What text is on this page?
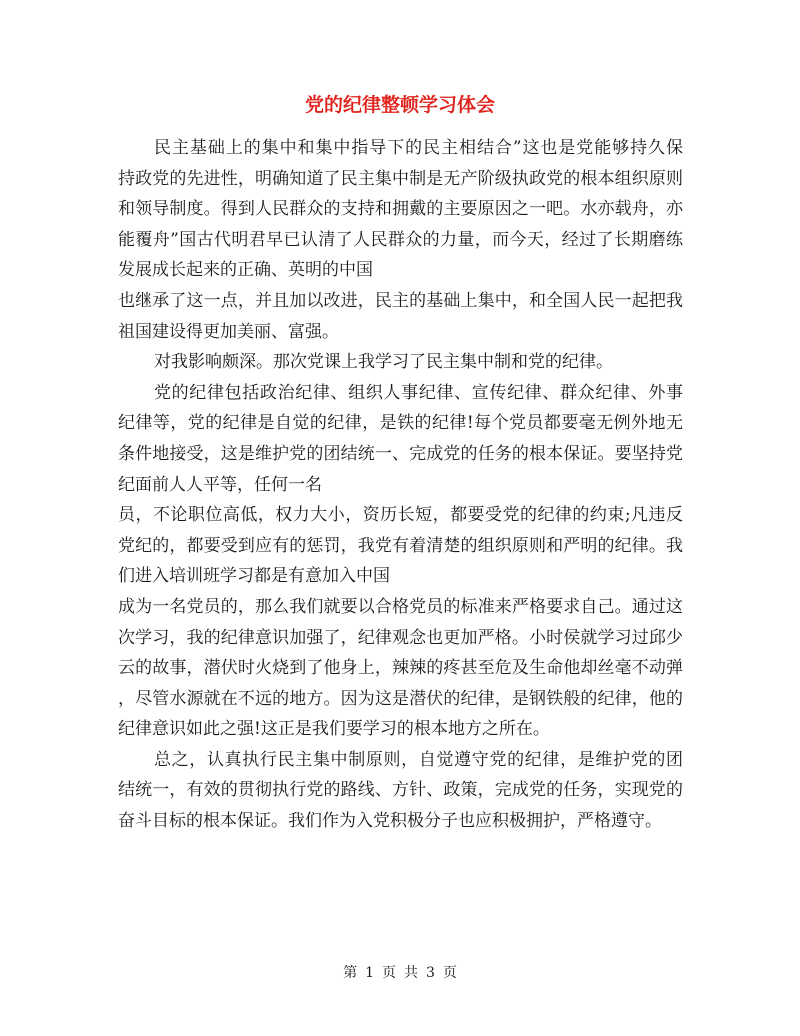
党的纪律整顿学习体会

民主基础上的集中和集中指导下的民主相结合”这也是党能够持久保

持政党的先进性，明确知道了民主集中制是无产阶级执政党的根本组织原则

和领导制度。得到人民群众的支持和拥戴的主要原因之一吧。水亦载舟，亦

能覆舟”国古代明君早已认清了人民群众的力量，而今天，经过了长期磨练

发展成长起来的正确、英明的中国

也继承了这一点，并且加以改进，民主的基础上集中，和全国人民一起把我

祖国建设得更加美丽、富强。

对我影响颇深。那次党课上我学习了民主集中制和党的纪律。

党的纪律包括政治纪律、组织人事纪律、宣传纪律、群众纪律、外事

纪律等，党的纪律是自觉的纪律，是铁的纪律!每个党员都要毫无例外地无

条件地接受，这是维护党的团结统一、完成党的任务的根本保证。要坚持党

纪面前人人平等，任何一名

员，不论职位高低，权力大小，资历长短，都要受党的纪律的约束;凡违反

党纪的，都要受到应有的惩罚，我党有着清楚的组织原则和严明的纪律。我

们进入培训班学习都是有意加入中国

成为一名党员的，那么我们就要以合格党员的标准来严格要求自己。通过这

次学习，我的纪律意识加强了，纪律观念也更加严格。小时侯就学习过邱少

云的故事，潜伏时火烧到了他身上，辣辣的疼甚至危及生命他却丝毫不动弹

，尽管水源就在不远的地方。因为这是潜伏的纪律，是钢铁般的纪律，他的

纪律意识如此之强!这正是我们要学习的根本地方之所在。

总之，认真执行民主集中制原则，自觉遵守党的纪律，是维护党的团

结统一，有效的贯彻执行党的路线、方针、政策，完成党的任务，实现党的

奋斗目标的根本保证。我们作为入党积极分子也应积极拥护，严格遵守。

第 1 页 共 3 页
